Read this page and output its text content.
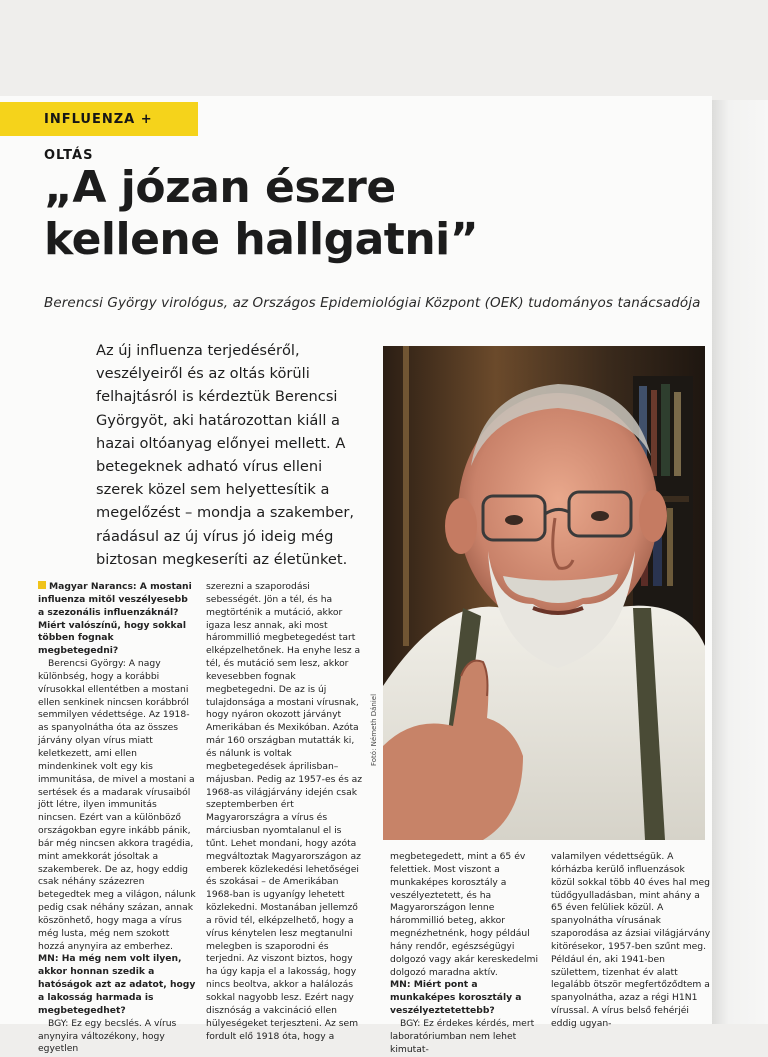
INFLUENZA + OLTÁS
„A józan észre
kellene hallgatni”
Berencsi György virológus, az Országos Epidemiológiai Központ (OEK) tudományos tanácsadója

Az új influenza terjedéséről, veszélyeiről és az oltás körüli felhajtásról is kérdeztük Berencsi Györgyöt, aki határozottan kiáll a hazai oltóanyag előnyei mellett. A betegeknek adható vírus elleni szerek közel sem helyettesítik a megelőzést – mondja a szakember, ráadásul az új vírus jó ideig még biztosan megkeseríti az életünket.

Fotó: Németh Dániel

Magyar Narancs: A mostani influenza mitől veszélyesebb a szezonális influenzáknál? Miért valószínű, hogy sokkal többen fognak megbetegedni?

Berencsi György: A nagy különbség, hogy a korábbi vírusokkal ellentétben a mostani ellen senkinek nincsen korábbról semmilyen védettsége. Az 1918-as spanyolnátha óta az összes járvány olyan vírus miatt keletkezett, ami ellen mindenkinek volt egy kis immunitása, de mivel a mostani a sertések és a madarak vírusaiból jött létre, ilyen immunitás nincsen. Ezért van a különböző országokban egyre inkább pánik, bár még nincsen akkora tragédia, mint amekkorát jósoltak a szakemberek. De az, hogy eddig csak néhány százezren betegedtek meg a világon, nálunk pedig csak néhány százan, annak köszönhető, hogy maga a vírus még lusta, még nem szokott hozzá anynyira az emberhez.

MN: Ha még nem volt ilyen, akkor honnan szedik a hatóságok azt az adatot, hogy a lakosság harmada is megbetegedhet?

BGY: Ez egy becslés. A vírus anynyira változékony, hogy egyetlen

szerezni a szaporodási sebességét. Jön a tél, és ha megtörténik a mutáció, akkor igaza lesz annak, aki most hárommillió megbetegedést tart elképzelhetőnek. Ha enyhe lesz a tél, és mutáció sem lesz, akkor kevesebben fognak megbetegedni. De az is új tulajdonsága a mostani vírusnak, hogy nyáron okozott járványt Amerikában és Mexikóban. Azóta már 160 országban mutatták ki, és nálunk is voltak megbetegedések áprilisban–májusban. Pedig az 1957-es és az 1968-as világjárvány idején csak szeptemberben ért Magyarországra a vírus és márciusban nyomtalanul el is tűnt. Lehet mondani, hogy azóta megváltoztak Magyarországon az emberek közlekedési lehetőségei és szokásai – de Amerikában 1968-ban is ugyanígy lehetett közlekedni. Mostanában jellemző a rövid tél, elképzelhető, hogy a vírus kénytelen lesz megtanulni melegben is szaporodni és terjedni. Az viszont biztos, hogy ha úgy kapja el a lakosság, hogy nincs beoltva, akkor a halálozás sokkal nagyobb lesz. Ezért nagy disznóság a vakcináció ellen hülyeségeket terjeszteni. Az sem fordult elő 1918 óta, hogy a

megbetegedett, mint a 65 év felettiek. Most viszont a munkaképes korosztály a veszélyeztetett, és ha Magyarországon lenne hárommillió beteg, akkor megnézhetnénk, hogy például hány rendőr, egészségügyi dolgozó vagy akár kereskedelmi dolgozó maradna aktív.

MN: Miért pont a munkaképes korosztály a veszélyeztetettebb?

BGY: Ez érdekes kérdés, mert laboratóriumban nem lehet kimutat-

valamilyen védettségük. A kórházba kerülő influenzások közül sokkal több 40 éves hal meg tüdőgyulladásban, mint ahány a 65 éven felüliek közül. A spanyolnátha vírusának szaporodása az ázsiai világjárvány kitörésekor, 1957-ben szűnt meg. Például én, aki 1941-ben születtem, tizenhat év alatt legalább ötször megfertőződtem a spanyolnátha, azaz a régi H1N1 vírussal. A vírus belső fehérjéi eddig ugyan-
